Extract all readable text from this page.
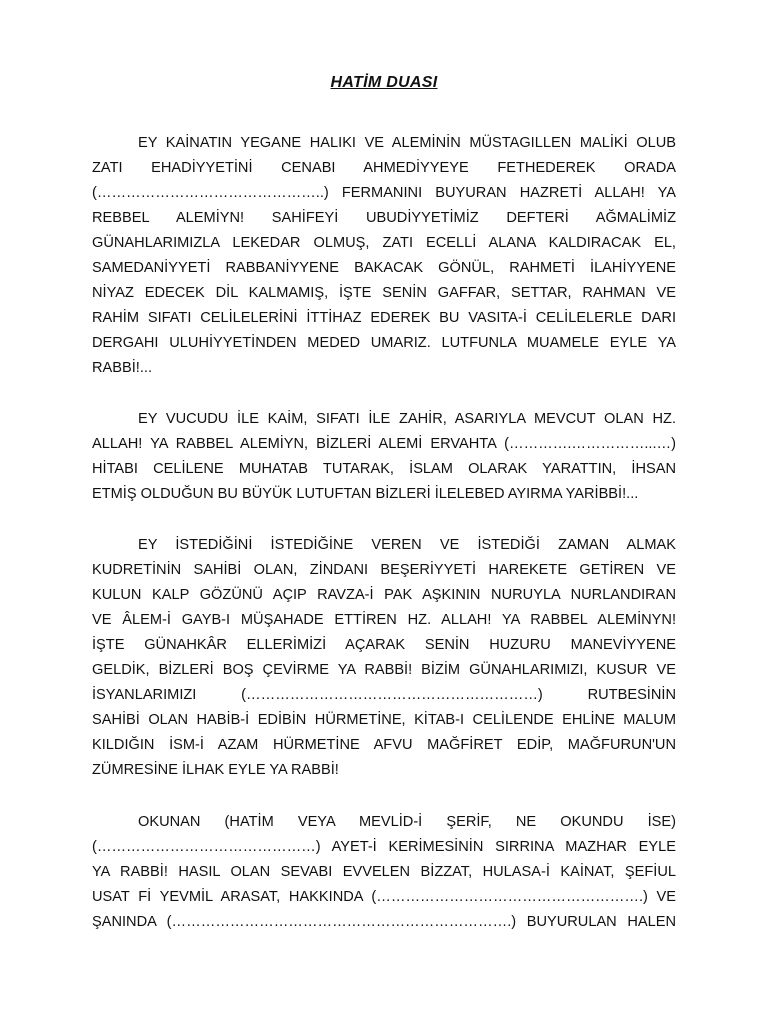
HATİM DUASI
EY KAİNATIN YEGANE HALIKI VE ALEMİNİN MÜSTAGILLEN MALİKİ OLUB
ZATI EHADİYYETİNİ CENABI AHMEDİYYEYE FETHEDEREK ORADA
(………………………………………..) FERMANINI BUYURAN HAZRETİ ALLAH! YA
REBBEL ALEMİYN! SAHİFEYİ UBUDİYYETİMİZ DEFTERİ AĞMALİMİZ
GÜNAHLARIMIZLA LEKEDAR OLMUŞ, ZATI ECELLİ ALANA KALDIRACAK EL,
SAMEDANİYYETİ RABBANİYYENE BAKACAK GÖNÜL, RAHMETİ İLAHİYYENE
NİYAZ EDECEK DİL KALMAMIŞ, İŞTE SENİN GAFFAR, SETTAR, RAHMAN VE
RAHİM SIFATI CELİLELERİNİ İTTİHAZ EDEREK BU VASITA-İ CELİLELERLE DARI
DERGAHI ULUHİYYETİNDEN MEDED UMARIZ. LUTFUNLA MUAMELE EYLE YA
RABBİ!...
EY VUCUDU İLE KAİM, SIFATI İLE ZAHİR, ASARIYLA MEVCUT OLAN HZ.
ALLAH! YA RABBEL ALEMİYN, BİZLERİ ALEMİ ERVAHTA (………….……………...…)
HİTABI CELİLENE MUHATAB TUTARAK, İSLAM OLARAK YARATTIN, İHSAN
ETMİŞ OLDUĞUN BU BÜYÜK LUTUFTAN BİZLERİ İLELEBED AYIRMA YARİBBİ!...
EY İSTEDİĞİNİ İSTEDİĞİNE VEREN VE İSTEDİĞİ ZAMAN ALMAK
KUDRETİNİN SAHİBİ OLAN, ZİNDANI BEŞERİYYETİ HAREKETE GETİREN VE
KULUN KALP GÖZÜNÜ AÇIP RAVZA-İ PAK AŞKININ NURUYLA NURLANDIRAN
VE ÂLEM-İ GAYB-I MÜŞAHADE ETTİREN HZ. ALLAH! YA RABBEL ALEMİNYN!
İŞTE GÜNAHKÂR ELLERİMİZİ AÇARAK SENİN HUZURU MANEVİYYENE
GELDİK, BİZLERİ BOŞ ÇEVİRME YA RABBİ! BİZİM GÜNAHLARIMIZI, KUSUR VE
İSYANLARIMIZI (……………………………………………………) RUTBESİNİN
SAHİBİ OLAN HABİB-İ EDİBİN HÜRMETİNE, KİTAB-I CELİLENDE EHLİNE MALUM
KILDIĞIN İSM-İ AZAM HÜRMETİNE AFVU MAĞFİRET EDİP, MAĞFURUN'UN
ZÜMRESİNE İLHAK EYLE YA RABBİ!
OKUNAN (HATİM VEYA MEVLİD-İ ŞERİF, NE OKUNDU İSE)
(………………………………………) AYET-İ KERİMESİNİN SIRRINA MAZHAR EYLE
YA RABBİ! HASIL OLAN SEVABI EVVELEN BİZZAT, HULASA-İ KAİNAT, ŞEFİUL
USAT Fİ YEVMİL ARASAT, HAKKINDA (……………………………………………….) VE
ŞANINDA (…………………………………………………………….) BUYURULAN HALEN
